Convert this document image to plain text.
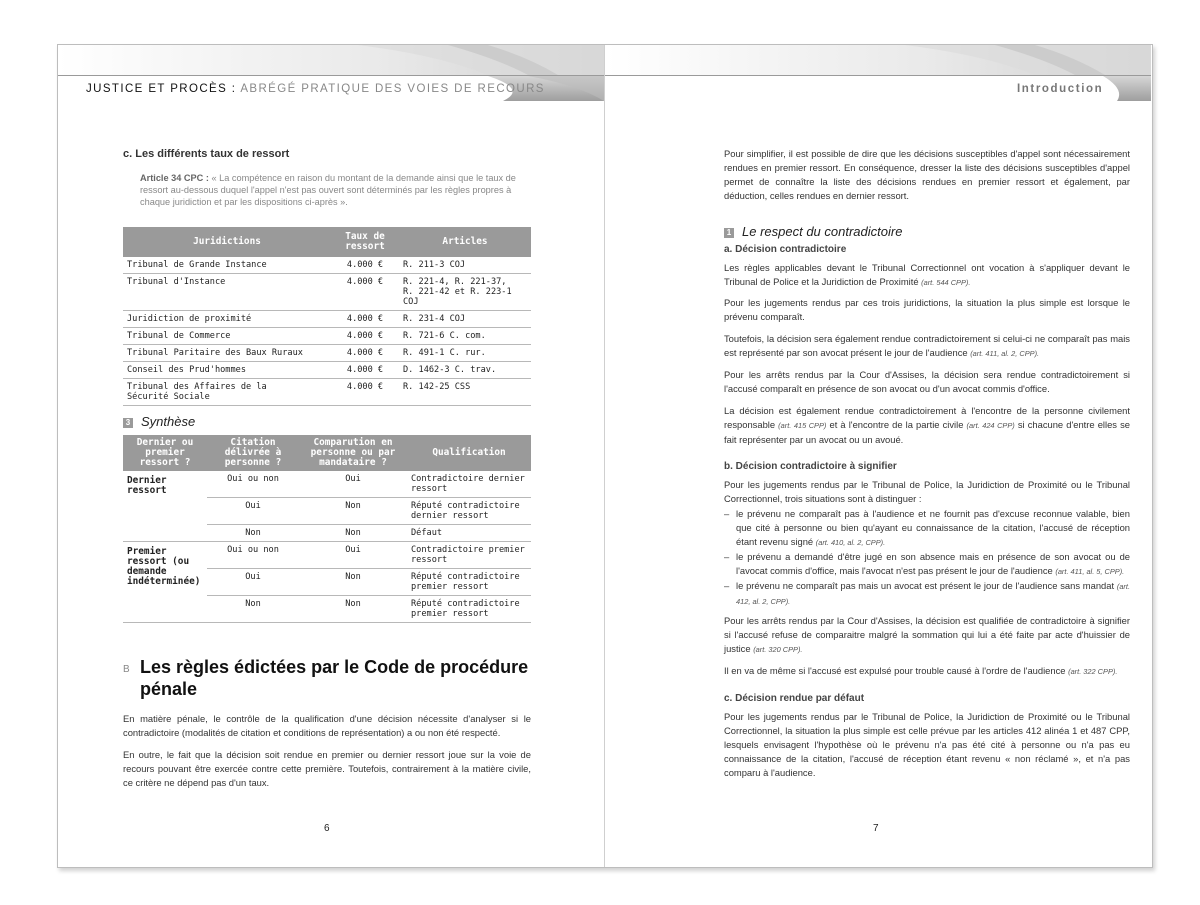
JUSTICE ET PROCÈS : ABRÉGÉ PRATIQUE DES VOIES DE RECOURS
c. Les différents taux de ressort
Article 34 CPC : « La compétence en raison du montant de la demande ainsi que le taux de ressort au-dessous duquel l'appel n'est pas ouvert sont déterminés par les règles propres à chaque juridiction et par les dispositions ci-après ».
Juridictions	Taux de ressort	Articles
Tribunal de Grande Instance	4.000 €	R. 211-3 COJ
Tribunal d'Instance	4.000 €	R. 221-4, R. 221-37, R. 221-42 et R. 223-1 COJ
Juridiction de proximité	4.000 €	R. 231-4 COJ
Tribunal de Commerce	4.000 €	R. 721-6 C. com.
Tribunal Paritaire des Baux Ruraux	4.000 €	R. 491-1 C. rur.
Conseil des Prud'hommes	4.000 €	D. 1462-3 C. trav.
Tribunal des Affaires de la Sécurité Sociale	4.000 €	R. 142-25 CSS
3 Synthèse
Dernier ou premier ressort ?	Citation délivrée à personne ?	Comparution en personne ou par mandataire ?	Qualification
Dernier ressort	Oui ou non	Oui	Contradictoire dernier ressort
	Oui	Non	Réputé contradictoire dernier ressort
	Non	Non	Défaut
Premier ressort (ou demande indéterminée)	Oui ou non	Oui	Contradictoire premier ressort
	Oui	Non	Réputé contradictoire premier ressort
	Non	Non	Réputé contradictoire premier ressort
B Les règles édictées par le Code de procédure pénale
En matière pénale, le contrôle de la qualification d'une décision nécessite d'analyser si le contradictoire (modalités de citation et conditions de représentation) a ou non été respecté.
En outre, le fait que la décision soit rendue en premier ou dernier ressort joue sur la voie de recours pouvant être exercée contre cette première. Toutefois, contrairement à la matière civile, ce critère ne dépend pas d'un taux.
6
Introduction
Pour simplifier, il est possible de dire que les décisions susceptibles d'appel sont nécessairement rendues en premier ressort. En conséquence, dresser la liste des décisions susceptibles d'appel permet de connaître la liste des décisions rendues en premier ressort et également, par déduction, celles rendues en dernier ressort.
1 Le respect du contradictoire
a. Décision contradictoire
Les règles applicables devant le Tribunal Correctionnel ont vocation à s'appliquer devant le Tribunal de Police et la Juridiction de Proximité (art. 544 CPP).
Pour les jugements rendus par ces trois juridictions, la situation la plus simple est lorsque le prévenu comparaît.
Toutefois, la décision sera également rendue contradictoirement si celui-ci ne comparaît pas mais est représenté par son avocat présent le jour de l'audience (art. 411, al. 2, CPP).
Pour les arrêts rendus par la Cour d'Assises, la décision sera rendue contradictoirement si l'accusé comparaît en présence de son avocat ou d'un avocat commis d'office.
La décision est également rendue contradictoirement à l'encontre de la personne civilement responsable (art. 415 CPP) et à l'encontre de la partie civile (art. 424 CPP) si chacune d'entre elles se fait représenter par un avocat ou un avoué.
b. Décision contradictoire à signifier
Pour les jugements rendus par le Tribunal de Police, la Juridiction de Proximité ou le Tribunal Correctionnel, trois situations sont à distinguer :
– le prévenu ne comparaît pas à l'audience et ne fournit pas d'excuse reconnue valable, bien que cité à personne ou bien qu'ayant eu connaissance de la citation, l'accusé de réception étant revenu signé (art. 410, al. 2, CPP).
– le prévenu a demandé d'être jugé en son absence mais en présence de son avocat ou de l'avocat commis d'office, mais l'avocat n'est pas présent le jour de l'audience (art. 411, al. 5, CPP).
– le prévenu ne comparaît pas mais un avocat est présent le jour de l'audience sans mandat (art. 412, al. 2, CPP).
Pour les arrêts rendus par la Cour d'Assises, la décision est qualifiée de contradictoire à signifier si l'accusé refuse de comparaitre malgré la sommation qui lui a été faite par acte d'huissier de justice (art. 320 CPP).
Il en va de même si l'accusé est expulsé pour trouble causé à l'ordre de l'audience (art. 322 CPP).
c. Décision rendue par défaut
Pour les jugements rendus par le Tribunal de Police, la Juridiction de Proximité ou le Tribunal Correctionnel, la situation la plus simple est celle prévue par les articles 412 alinéa 1 et 487 CPP, lesquels envisagent l'hypothèse où le prévenu n'a pas été cité à personne ou n'a pas eu connaissance de la citation, l'accusé de réception étant revenu « non réclamé », et n'a pas comparu à l'audience.
7
